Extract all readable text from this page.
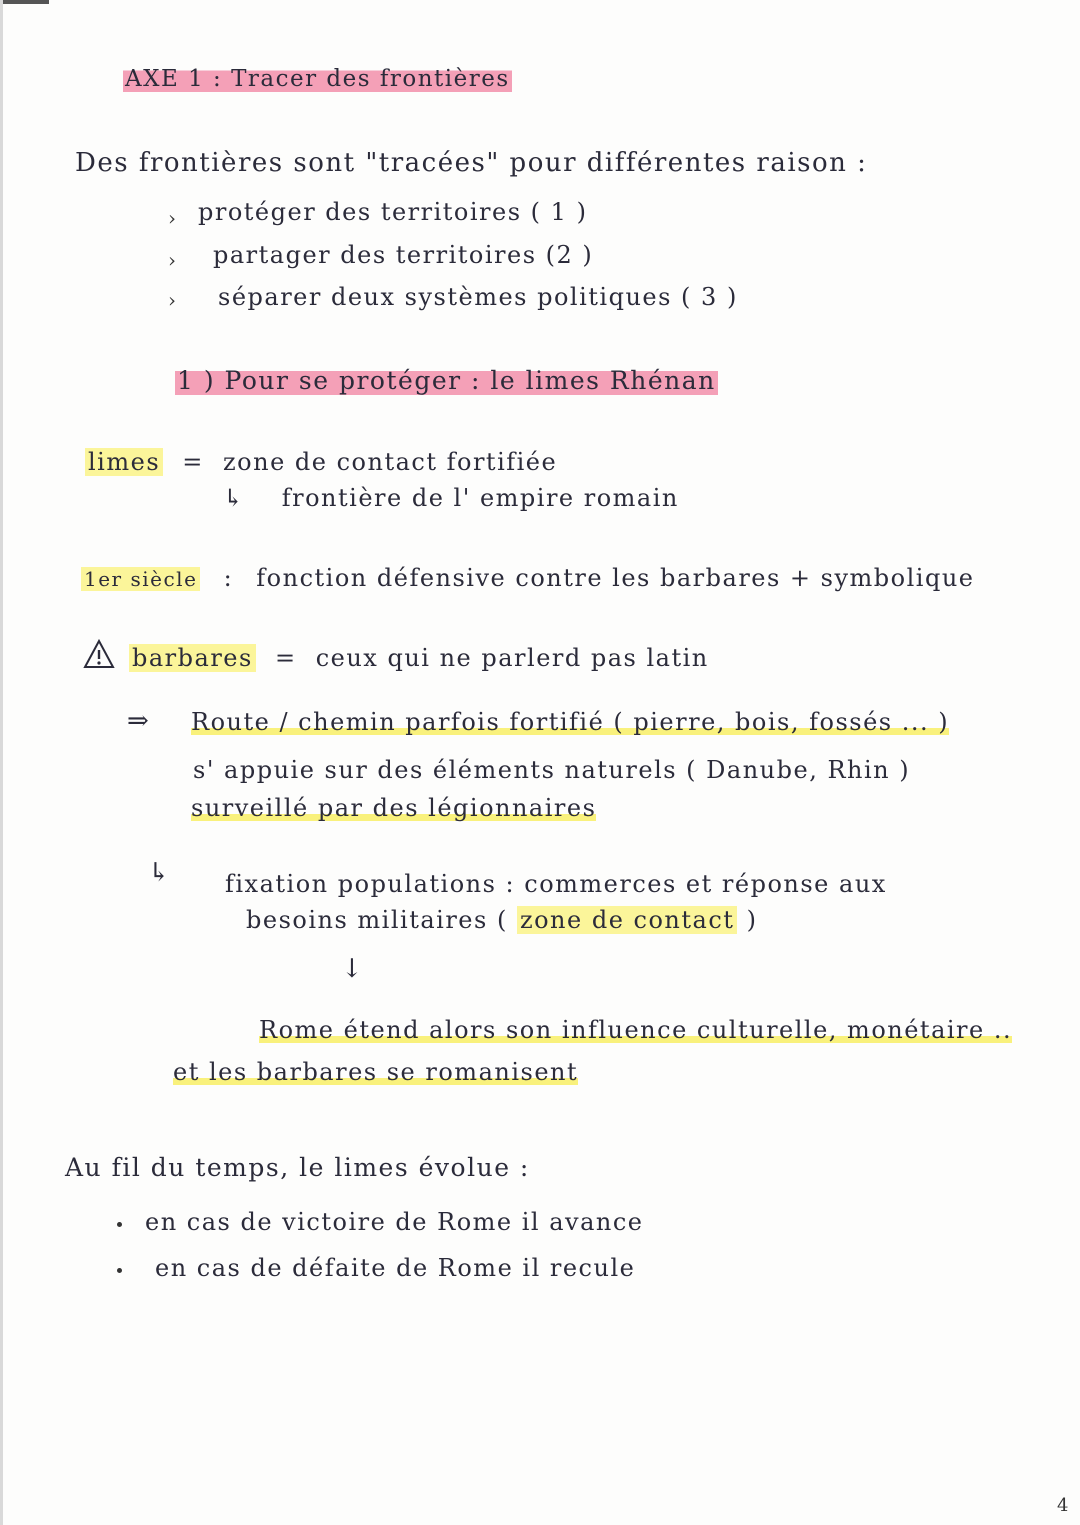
AXE 1 : Tracer des frontières
Des frontières sont "tracées" pour différentes raison :
› protéger des territoires ( 1 )
› partager des territoires (2 )
› séparer deux systèmes politiques ( 3 )
1 ) Pour se protéger : le limes Rhénan
limes = zone de contact fortifiée
↳ frontière de l' empire romain
1er siècle : fonction défensive contre les barbares + symbolique
barbares = ceux qui ne parlerd pas latin
⇒ Route / chemin parfois fortifié ( pierre, bois, fossés ... )
s' appuie sur des éléments naturels ( Danube, Rhin )
surveillé par des légionnaires
↳ fixation populations : commerces et réponse aux
besoins militaires ( zone de contact )
↓
Rome étend alors son influence culturelle, monétaire ..
et les barbares se romanisent
Au fil du temps, le limes évolue :
en cas de victoire de Rome il avance
en cas de défaite de Rome il recule
4
